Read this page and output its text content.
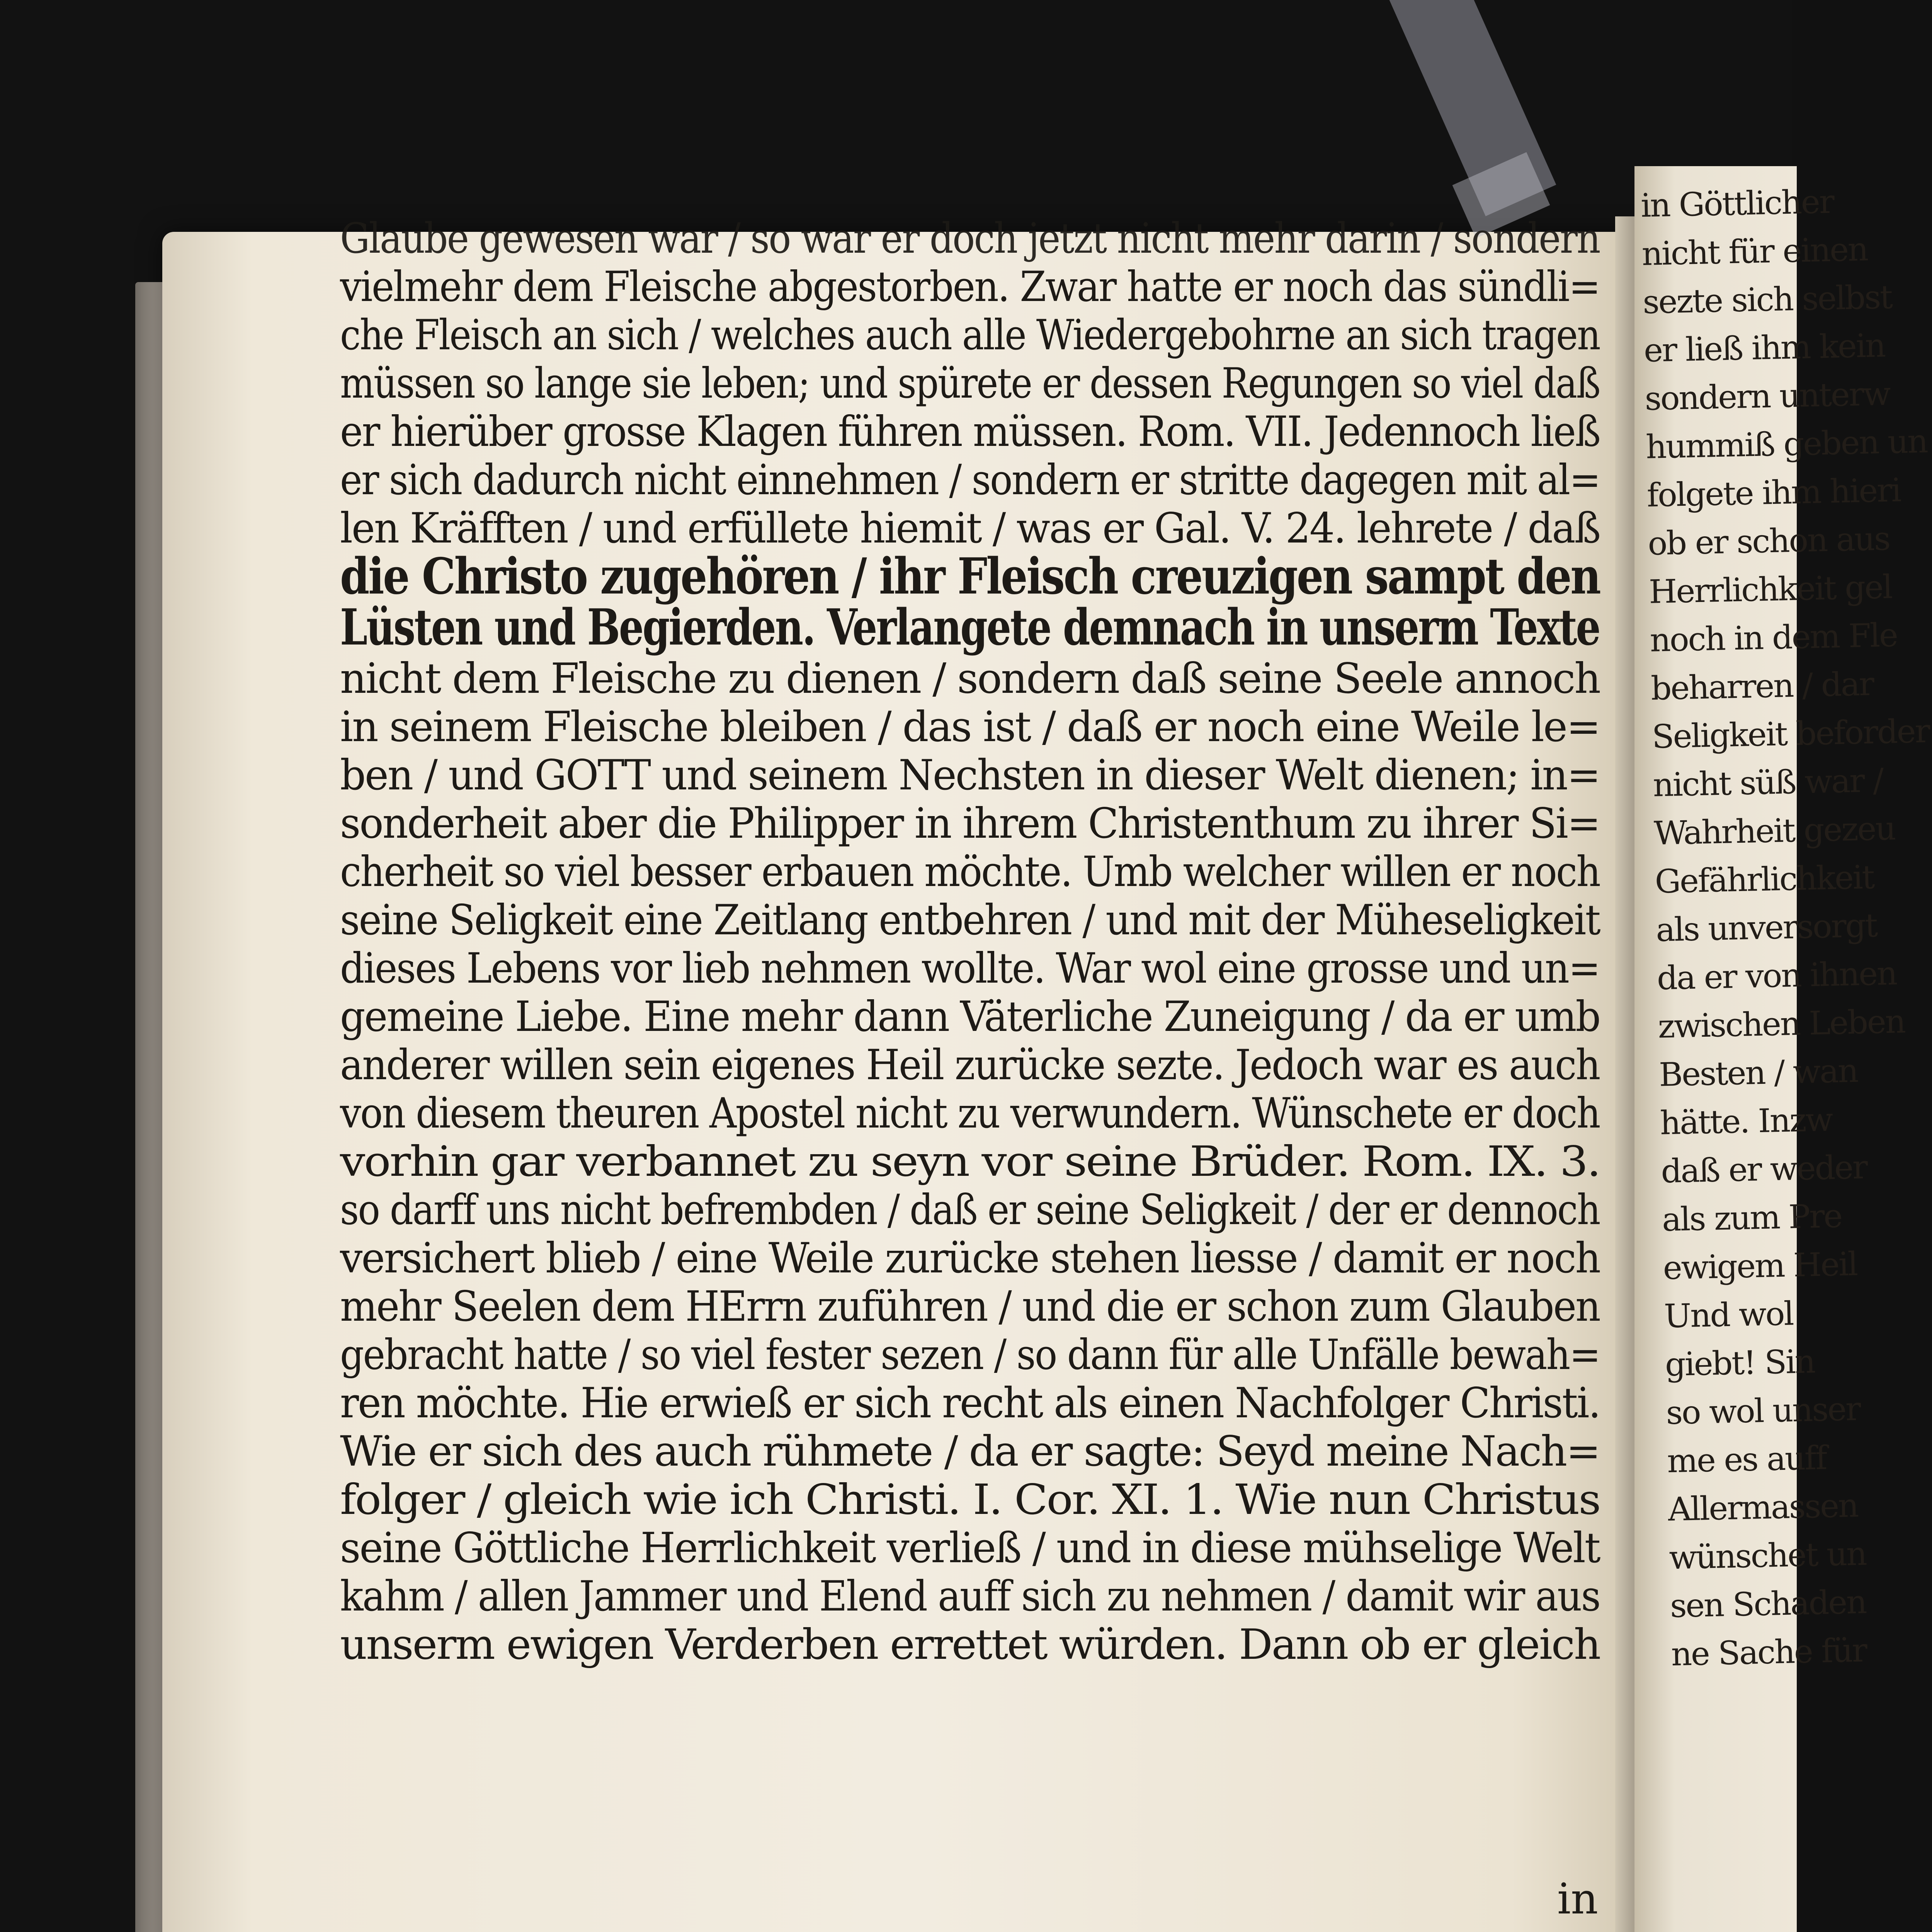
Glaube gewesen war / so war er doch jetzt nicht mehr darin / sondern
vielmehr dem Fleische abgestorben. Zwar hatte er noch das sündli= che Fleisch an sich / welches auch alle Wiedergebohrne an sich tragen müssen so lange sie leben; und spürete er dessen Regungen so viel daß er hierüber grosse Klagen führen müssen. Rom. VII. Jedennoch ließ er sich dadurch nicht einnehmen / sondern er stritte dagegen mit al= len Kräfften / und erfüllete hiemit / was er Gal. V. 24. lehrete / daß die Christo zugehören / ihr Fleisch creuzigen sampt den Lüsten und Begierden. Verlangete demnach in unserm Texte nicht dem Fleische zu dienen / sondern daß seine Seele annoch in seinem Fleische bleiben / das ist / daß er noch eine Weile le= ben / und GOTT und seinem Nechsten in dieser Welt dienen; in= sonderheit aber die Philipper in ihrem Christenthum zu ihrer Si= cherheit so viel besser erbauen möchte. Umb welcher willen er noch seine Seligkeit eine Zeitlang entbehren / und mit der Müheseligkeit dieses Lebens vor lieb nehmen wollte. War wol eine grosse und un= gemeine Liebe. Eine mehr dann Väterliche Zuneigung / da er umb anderer willen sein eigenes Heil zurücke sezte. Jedoch war es auch von diesem theuren Apostel nicht zu verwundern. Wünschete er doch vorhin gar verbannet zu seyn vor seine Brüder. Rom. IX. 3. so darff uns nicht befrembden / daß er seine Seligkeit / der er dennoch versichert blieb / eine Weile zurücke stehen liesse / damit er noch mehr Seelen dem HErrn zuführen / und die er schon zum Glauben gebracht hatte / so viel fester sezen / so dann für alle Unfälle bewah= ren möchte. Hie erwieß er sich recht als einen Nachfolger Christi. Wie er sich des auch rühmete / da er sagte: Seyd meine Nach= folger / gleich wie ich Christi. I. Cor. XI. 1. Wie nun Christus seine Göttliche Herrlichkeit verließ / und in diese mühselige Welt kahm / allen Jammer und Elend auff sich zu nehmen / damit wir aus unserm ewigen Verderben errettet würden. Dann ob er gleich
in
in Göttlicher
nicht für einen
sezte sich selbst
er ließ ihm kein
sondern unterw
hummiß geben un
folgete ihm hieri
ob er schon aus
Herrlichkeit gel
noch in dem Fle
beharren / dar
Seligkeit beforder
nicht süß war /
Wahrheit gezeu
Gefährlichkeit
als unversorgt
da er von ihnen
zwischen Leben
Besten / wan
hätte. Inzw
daß er weder
als zum Pre
ewigem Heil
Und wol
giebt! Sin
so wol unser
me es auff
Allermassen
wünschet un
sen Schaden
ne Sache für
